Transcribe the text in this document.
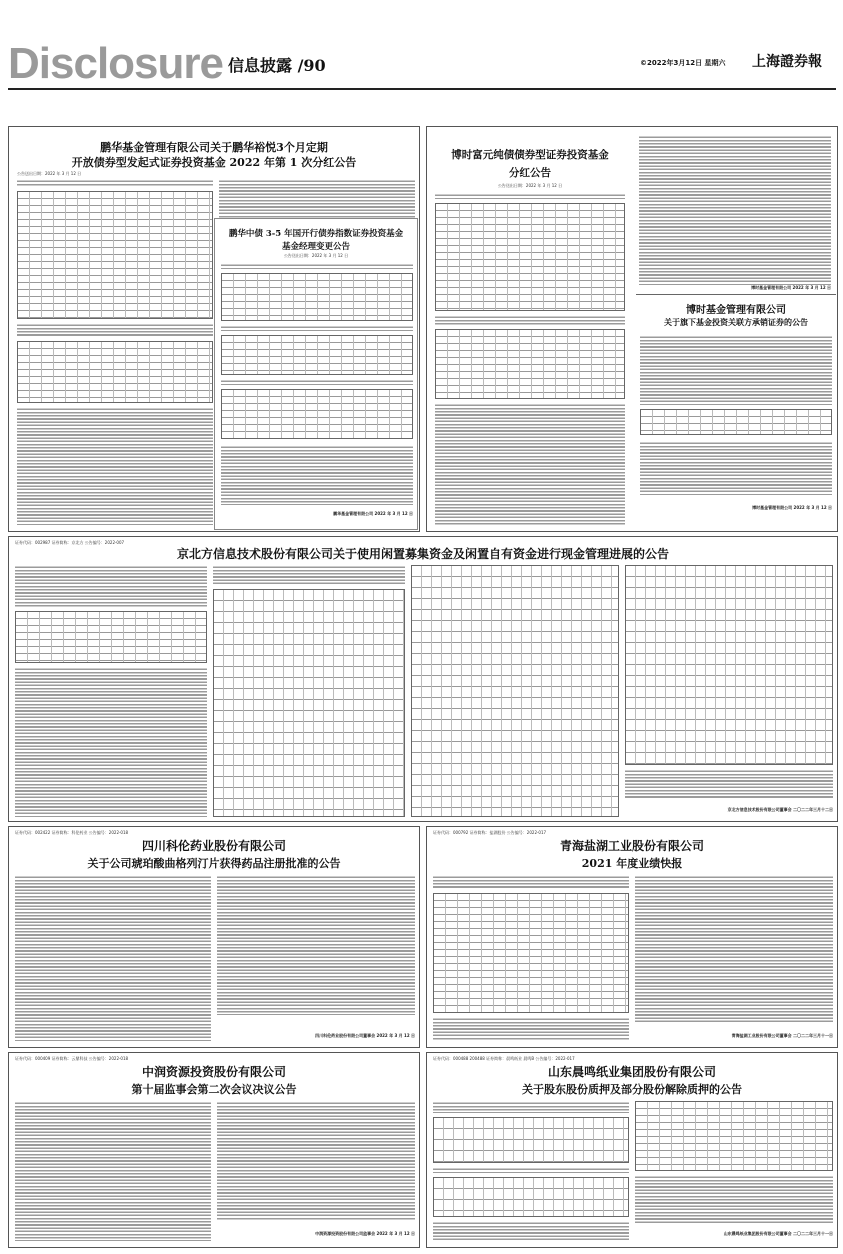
Disclosure 信息披露 /90	©2022年3月12日 星期六 上海證券報
鹏华基金管理有限公司关于鹏华裕悦3个月定期
开放债券型发起式证券投资基金 2022 年第 1 次分红公告
公告送出日期：2022 年 3 月 12 日
鹏华中债 3-5 年国开行债券指数证券投资基金
基金经理变更公告
公告送出日期：2022 年 3 月 12 日
鹏华基金管理有限公司 2022 年 3 月 12 日
博时富元纯债债券型证券投资基金
分红公告
公告送出日期：2022 年 3 月 12 日
博时基金管理有限公司 2022 年 3 月 12 日
博时基金管理有限公司
关于旗下基金投资关联方承销证券的公告
博时基金管理有限公司 2022 年 3 月 12 日
证券代码：002987 证券简称：京北方 公告编号：2022-007
京北方信息技术股份有限公司关于使用闲置募集资金及闲置自有资金进行现金管理进展的公告
京北方信息技术股份有限公司董事会 二〇二二年三月十二日
证券代码：002422 证券简称：科伦药业 公告编号：2022-018
四川科伦药业股份有限公司
关于公司琥珀酸曲格列汀片获得药品注册批准的公告
四川科伦药业股份有限公司董事会 2022 年 3 月 12 日
证券代码：000792 证券简称：盐湖股份 公告编号：2022-017
青海盐湖工业股份有限公司
2021 年度业绩快报
青海盐湖工业股份有限公司董事会 二〇二二年三月十一日
证券代码：000409 证券简称：云鼎科技 公告编号：2022-018
中润资源投资股份有限公司
第十届监事会第二次会议决议公告
中润资源投资股份有限公司监事会 2022 年 3 月 12 日
证券代码：000488 200488 证券简称：晨鸣纸业 晨鸣B 公告编号：2022-017
山东晨鸣纸业集团股份有限公司
关于股东股份质押及部分股份解除质押的公告
山东晨鸣纸业集团股份有限公司董事会 二〇二二年三月十一日
